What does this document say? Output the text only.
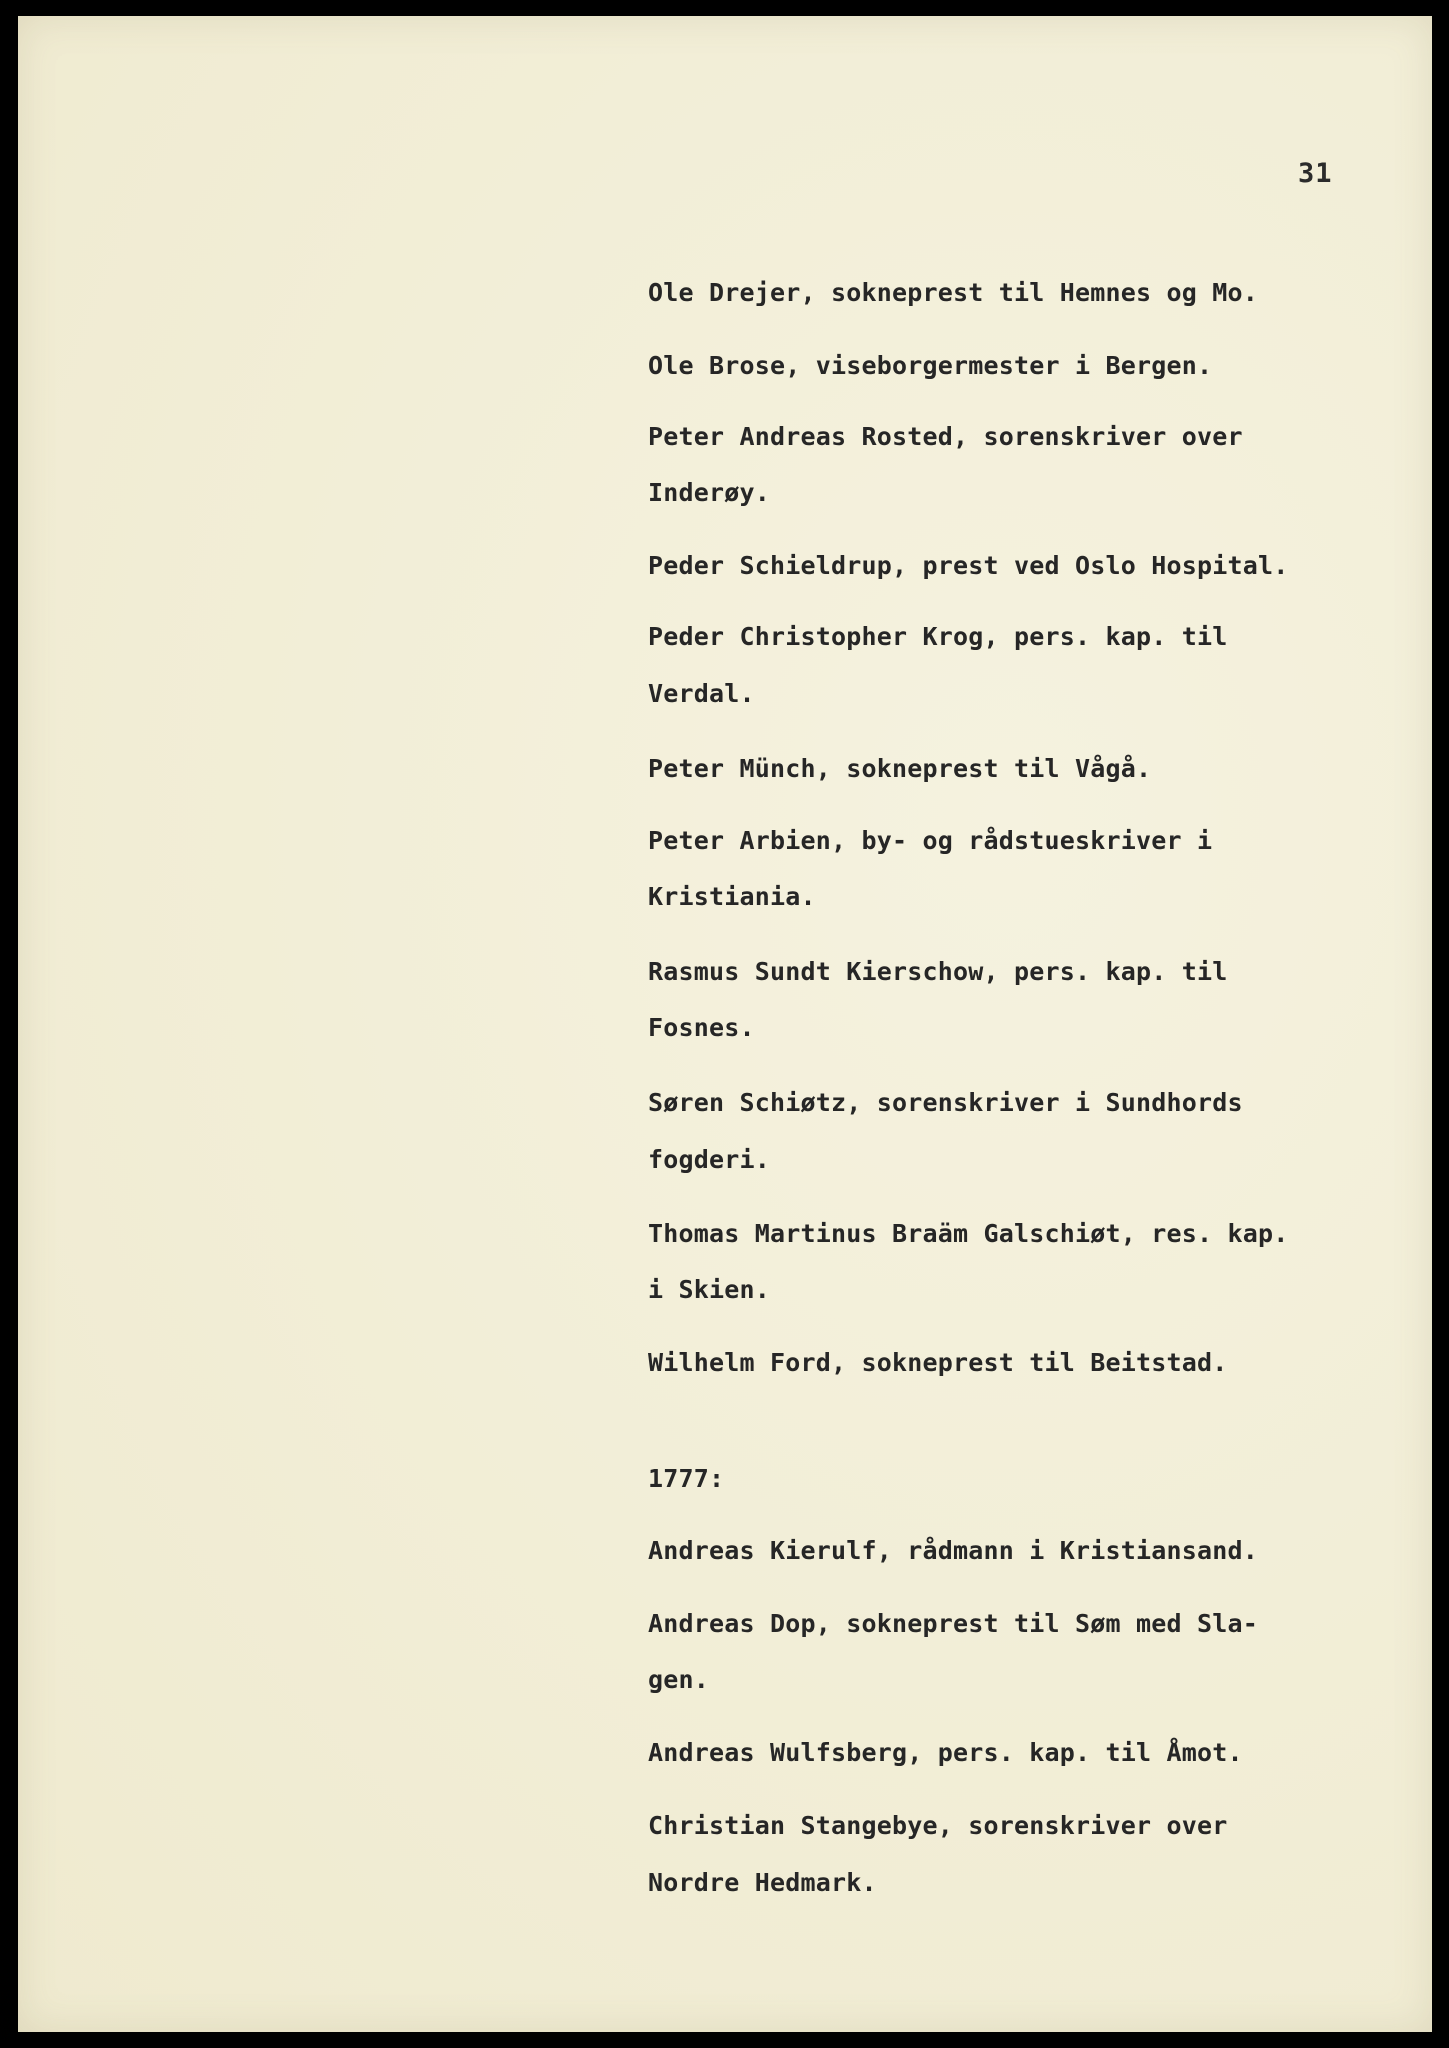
31
Ole Drejer, sokneprest til Hemnes og Mo.
Ole Brose, viseborgermester i Bergen.
Peter Andreas Rosted, sorenskriver over
Inderøy.
Peder Schieldrup, prest ved Oslo Hospital.
Peder Christopher Krog, pers. kap. til
Verdal.
Peter Münch, sokneprest til Vågå.
Peter Arbien, by- og rådstueskriver i
Kristiania.
Rasmus Sundt Kierschow, pers. kap. til
Fosnes.
Søren Schiøtz, sorenskriver i Sundhords
fogderi.
Thomas Martinus Braäm Galschiøt, res. kap.
i Skien.
Wilhelm Ford, sokneprest til Beitstad.
1777:
Andreas Kierulf, rådmann i Kristiansand.
Andreas Dop, sokneprest til Søm med Sla-
gen.
Andreas Wulfsberg, pers. kap. til Åmot.
Christian Stangebye, sorenskriver over
Nordre Hedmark.
